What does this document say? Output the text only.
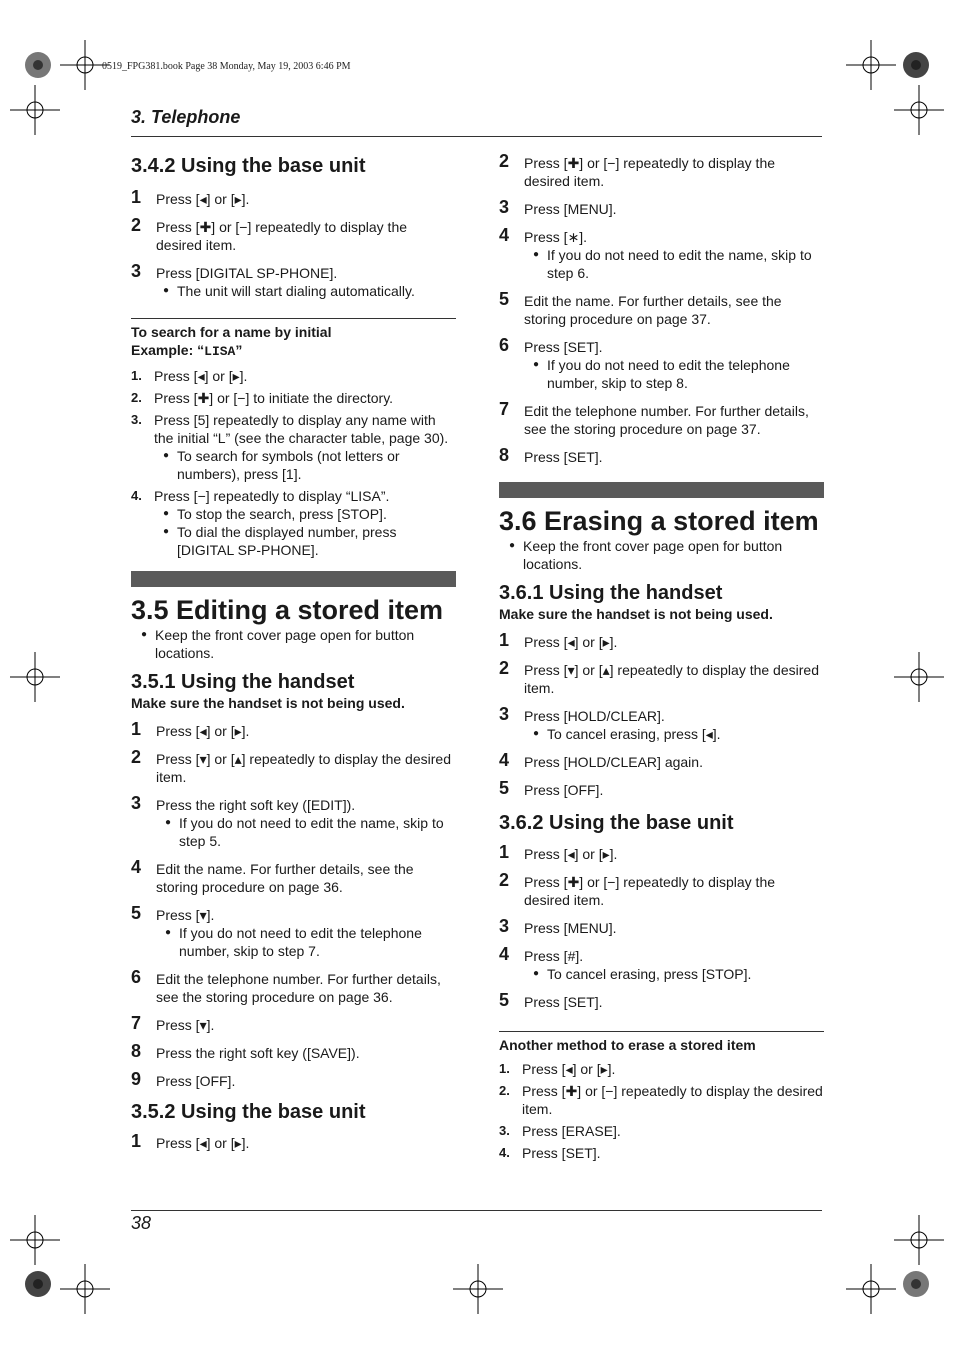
0519_FPG381.book Page 38 Monday, May 19, 2003 6:46 PM
3. Telephone
3.4.2 Using the base unit
1 Press [◂] or [▸].
2 Press [✚] or [−] repeatedly to display the desired item.
3 Press [DIGITAL SP-PHONE].
● The unit will start dialing automatically.
To search for a name by initial
Example: “LISA”
1. Press [◂] or [▸].
2. Press [✚] or [−] to initiate the directory.
3. Press [5] repeatedly to display any name with the initial “L” (see the character table, page 30).
● To search for symbols (not letters or numbers), press [1].
4. Press [−] repeatedly to display “LISA”.
● To stop the search, press [STOP].
● To dial the displayed number, press [DIGITAL SP-PHONE].
3.5 Editing a stored item
● Keep the front cover page open for button locations.
3.5.1 Using the handset
Make sure the handset is not being used.
1 Press [◂] or [▸].
2 Press [▾] or [▴] repeatedly to display the desired item.
3 Press the right soft key ([EDIT]).
● If you do not need to edit the name, skip to step 5.
4 Edit the name. For further details, see the storing procedure on page 36.
5 Press [▾].
● If you do not need to edit the telephone number, skip to step 7.
6 Edit the telephone number. For further details, see the storing procedure on page 36.
7 Press [▾].
8 Press the right soft key ([SAVE]).
9 Press [OFF].
3.5.2 Using the base unit
1 Press [◂] or [▸].
2 Press [✚] or [−] repeatedly to display the desired item.
3 Press [MENU].
4 Press [∗].
● If you do not need to edit the name, skip to step 6.
5 Edit the name. For further details, see the storing procedure on page 37.
6 Press [SET].
● If you do not need to edit the telephone number, skip to step 8.
7 Edit the telephone number. For further details, see the storing procedure on page 37.
8 Press [SET].
3.6 Erasing a stored item
● Keep the front cover page open for button locations.
3.6.1 Using the handset
Make sure the handset is not being used.
1 Press [◂] or [▸].
2 Press [▾] or [▴] repeatedly to display the desired item.
3 Press [HOLD/CLEAR].
● To cancel erasing, press [◂].
4 Press [HOLD/CLEAR] again.
5 Press [OFF].
3.6.2 Using the base unit
1 Press [◂] or [▸].
2 Press [✚] or [−] repeatedly to display the desired item.
3 Press [MENU].
4 Press [#].
● To cancel erasing, press [STOP].
5 Press [SET].
Another method to erase a stored item
1. Press [◂] or [▸].
2. Press [✚] or [−] repeatedly to display the desired item.
3. Press [ERASE].
4. Press [SET].
38
